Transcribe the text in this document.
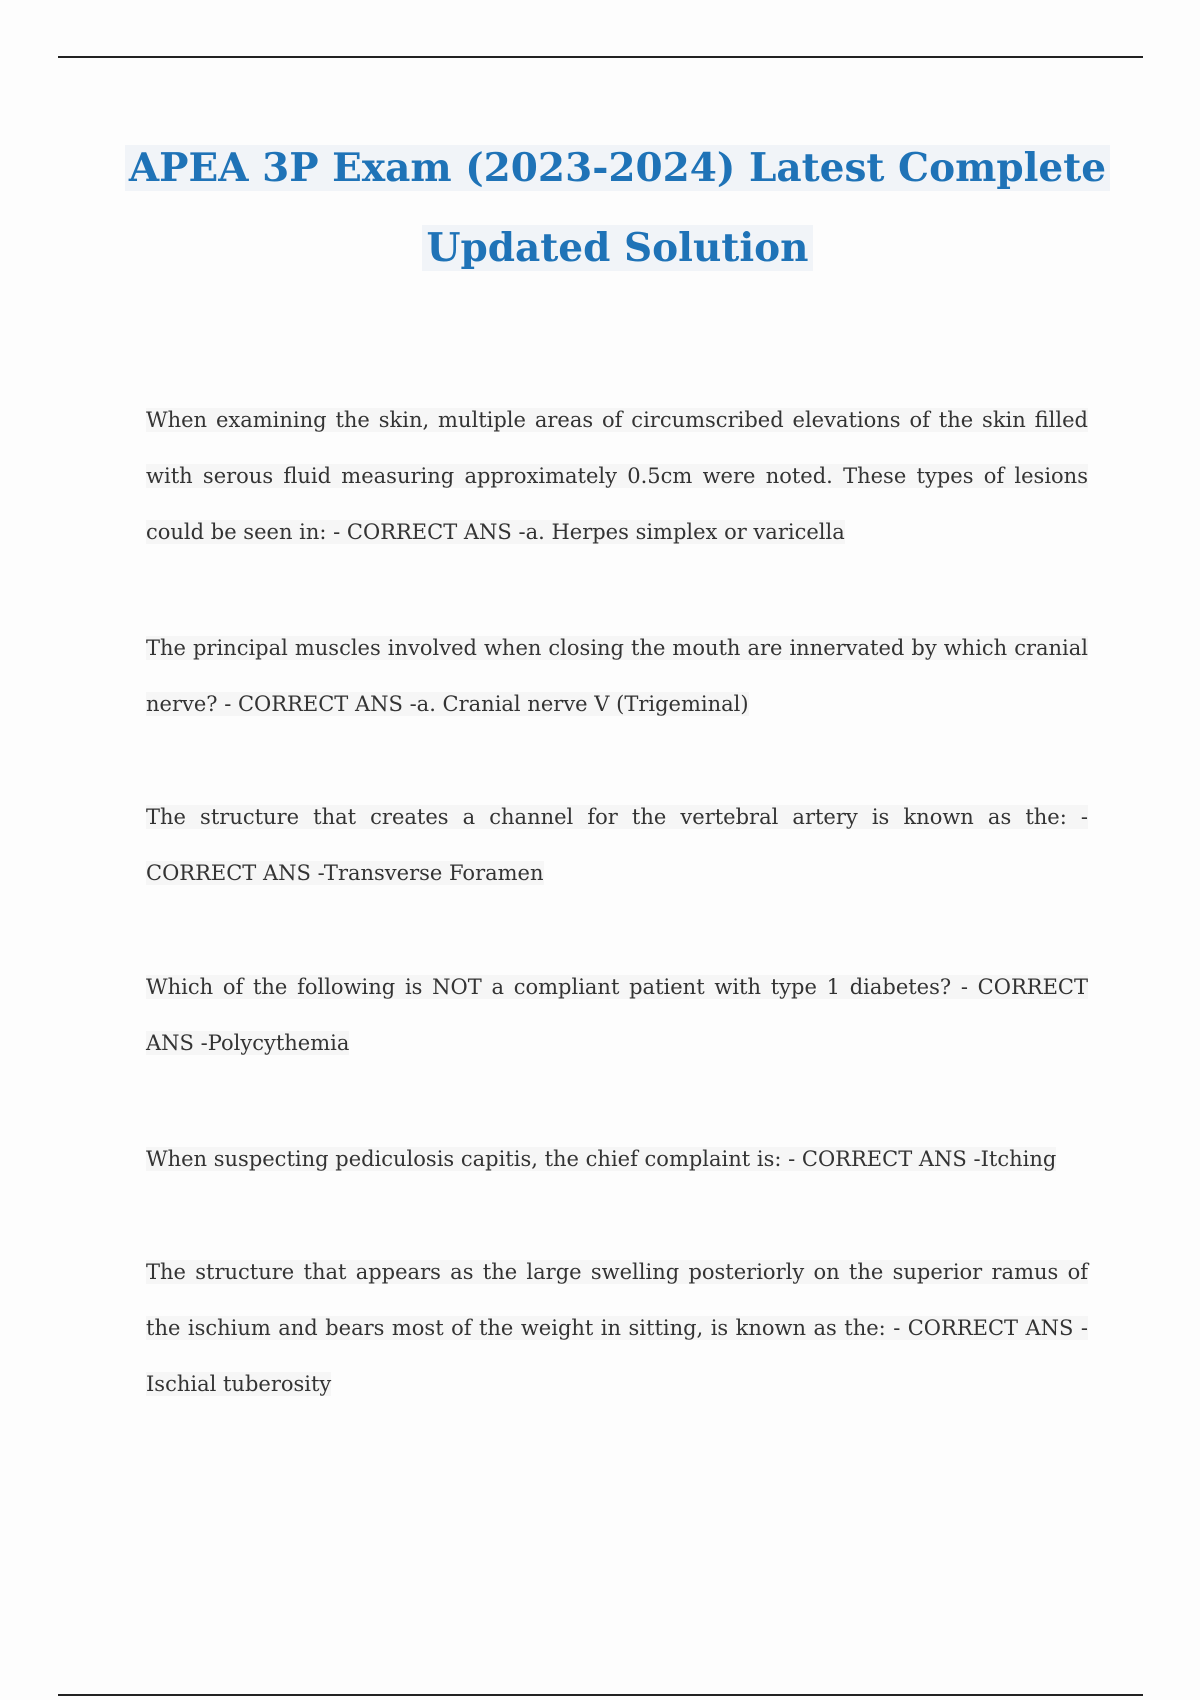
APEA 3P Exam (2023-2024) Latest Complete
Updated Solution
When examining the skin, multiple areas of circumscribed elevations of the skin filled with serous fluid measuring approximately 0.5cm were noted. These types of lesions could be seen in: - CORRECT ANS -a. Herpes simplex or varicella
The principal muscles involved when closing the mouth are innervated by which cranial nerve? - CORRECT ANS -a. Cranial nerve V (Trigeminal)
The structure that creates a channel for the vertebral artery is known as the: - CORRECT ANS -Transverse Foramen
Which of the following is NOT a compliant patient with type 1 diabetes? - CORRECT ANS -Polycythemia
When suspecting pediculosis capitis, the chief complaint is: - CORRECT ANS -Itching
The structure that appears as the large swelling posteriorly on the superior ramus of the ischium and bears most of the weight in sitting, is known as the: - CORRECT ANS -Ischial tuberosity
